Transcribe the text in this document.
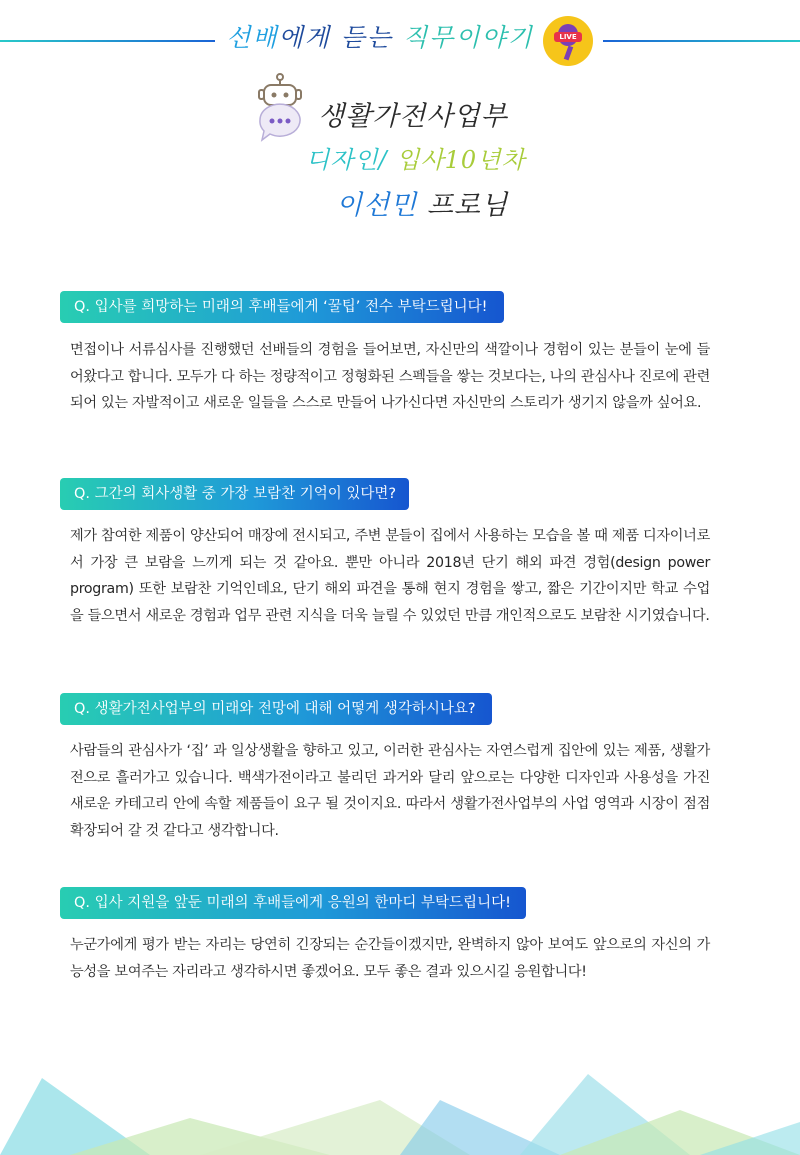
선배에게 듣는 직무이야기	LIVE
생활가전사업부
디자인/ 입사10년차
이선민 프로님
Q. 입사를 희망하는 미래의 후배들에게 ‘꿀팁’ 전수 부탁드립니다!
면접이나 서류심사를 진행했던 선배들의 경험을 들어보면, 자신만의 색깔이나 경험이 있는 분들이 눈에 들어왔다고 합니다. 모두가 다 하는 정량적이고 정형화된 스펙들을 쌓는 것보다는, 나의 관심사나 진로에 관련되어 있는 자발적이고 새로운 일들을 스스로 만들어 나가신다면 자신만의 스토리가 생기지 않을까 싶어요.
Q. 그간의 회사생활 중 가장 보람찬 기억이 있다면?
제가 참여한 제품이 양산되어 매장에 전시되고, 주변 분들이 집에서 사용하는 모습을 볼 때 제품 디자이너로서 가장 큰 보람을 느끼게 되는 것 같아요. 뿐만 아니라 2018년 단기 해외 파견 경험(design power program) 또한 보람찬 기억인데요, 단기 해외 파견을 통해 현지 경험을 쌓고, 짧은 기간이지만 학교 수업을 들으면서 새로운 경험과 업무 관련 지식을 더욱 늘릴 수 있었던 만큼 개인적으로도 보람찬 시기였습니다.
Q. 생활가전사업부의 미래와 전망에 대해 어떻게 생각하시나요?
사람들의 관심사가 ‘집’ 과 일상생활을 향하고 있고, 이러한 관심사는 자연스럽게 집안에 있는 제품, 생활가전으로 흘러가고 있습니다. 백색가전이라고 불리던 과거와 달리 앞으로는 다양한 디자인과 사용성을 가진 새로운 카테고리 안에 속할 제품들이 요구 될 것이지요. 따라서 생활가전사업부의 사업 영역과 시장이 점점 확장되어 갈 것 같다고 생각합니다.
Q. 입사 지원을 앞둔 미래의 후배들에게 응원의 한마디 부탁드립니다!
누군가에게 평가 받는 자리는 당연히 긴장되는 순간들이겠지만, 완벽하지 않아 보여도 앞으로의 자신의 가능성을 보여주는 자리라고 생각하시면 좋겠어요. 모두 좋은 결과 있으시길 응원합니다!
